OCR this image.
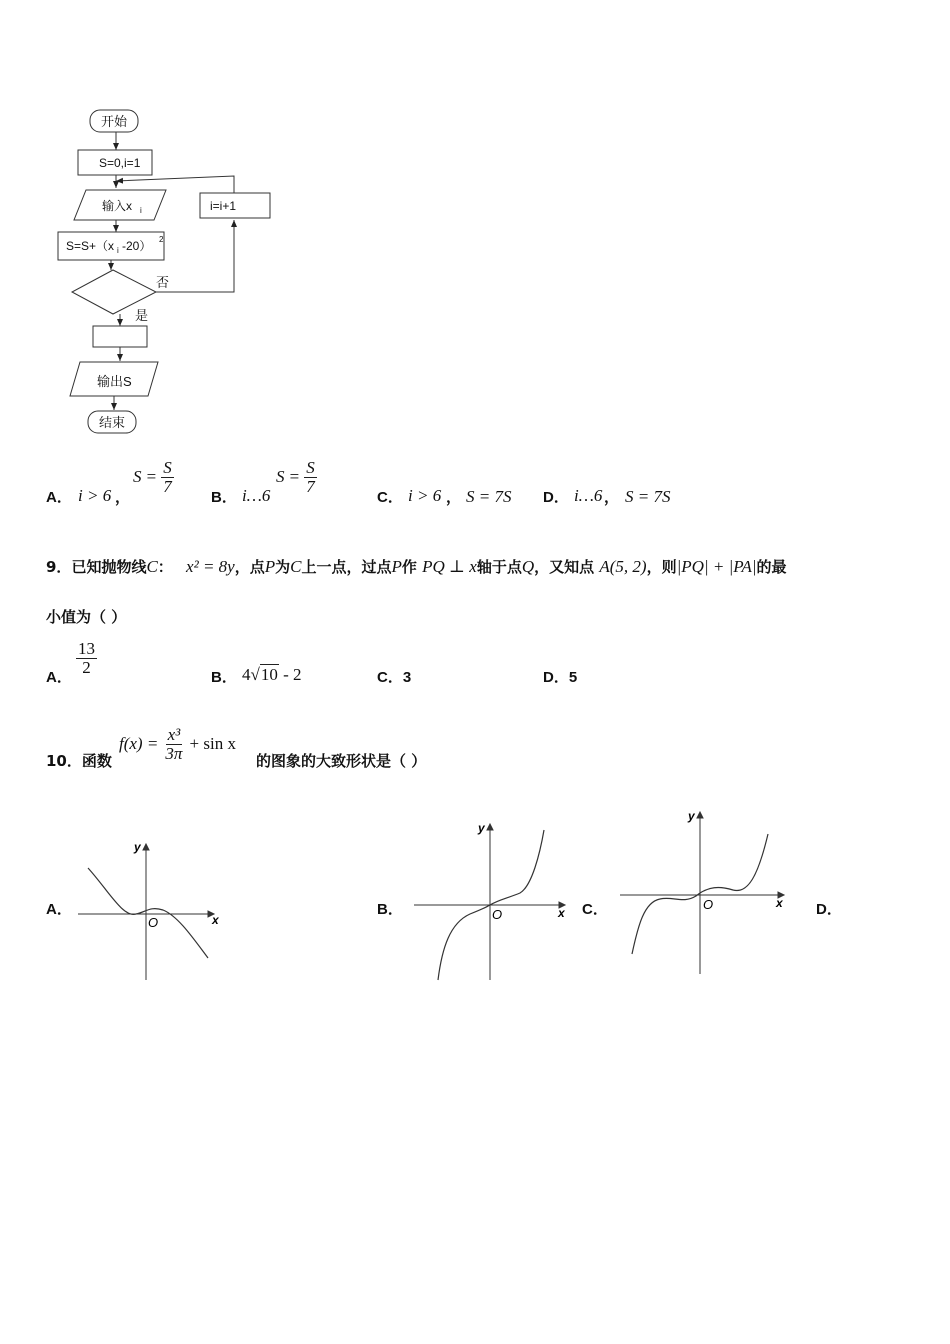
开始
S=0,i=1
输入x i	i=i+1
S=S+（x i -20） 2
否
是
输出S
结束
A． i > 6 ，
$S = \frac{S}{7}$
B． i…6
$S = \frac{S}{7}$
C． i > 6 ， S = 7S D． i…6 ， S = 7S
9．已知抛物线C： x² = 8y，点P为C上一点，过点P作 PQ ⊥ x轴于点Q，又知点 A(5, 2)，则|PQ| + |PA|的最
小值为（ ）
A．
$\frac{13}{2}$
B． 4√10 - 2	C．3	D．5
10．函数
$f(x) = \frac{\text{x³}}{3\pi} + \sin x$
的图象的大致形状是（ ）
A．
x
y
O
B．	x
y
O	C．	x
y
O	D．
